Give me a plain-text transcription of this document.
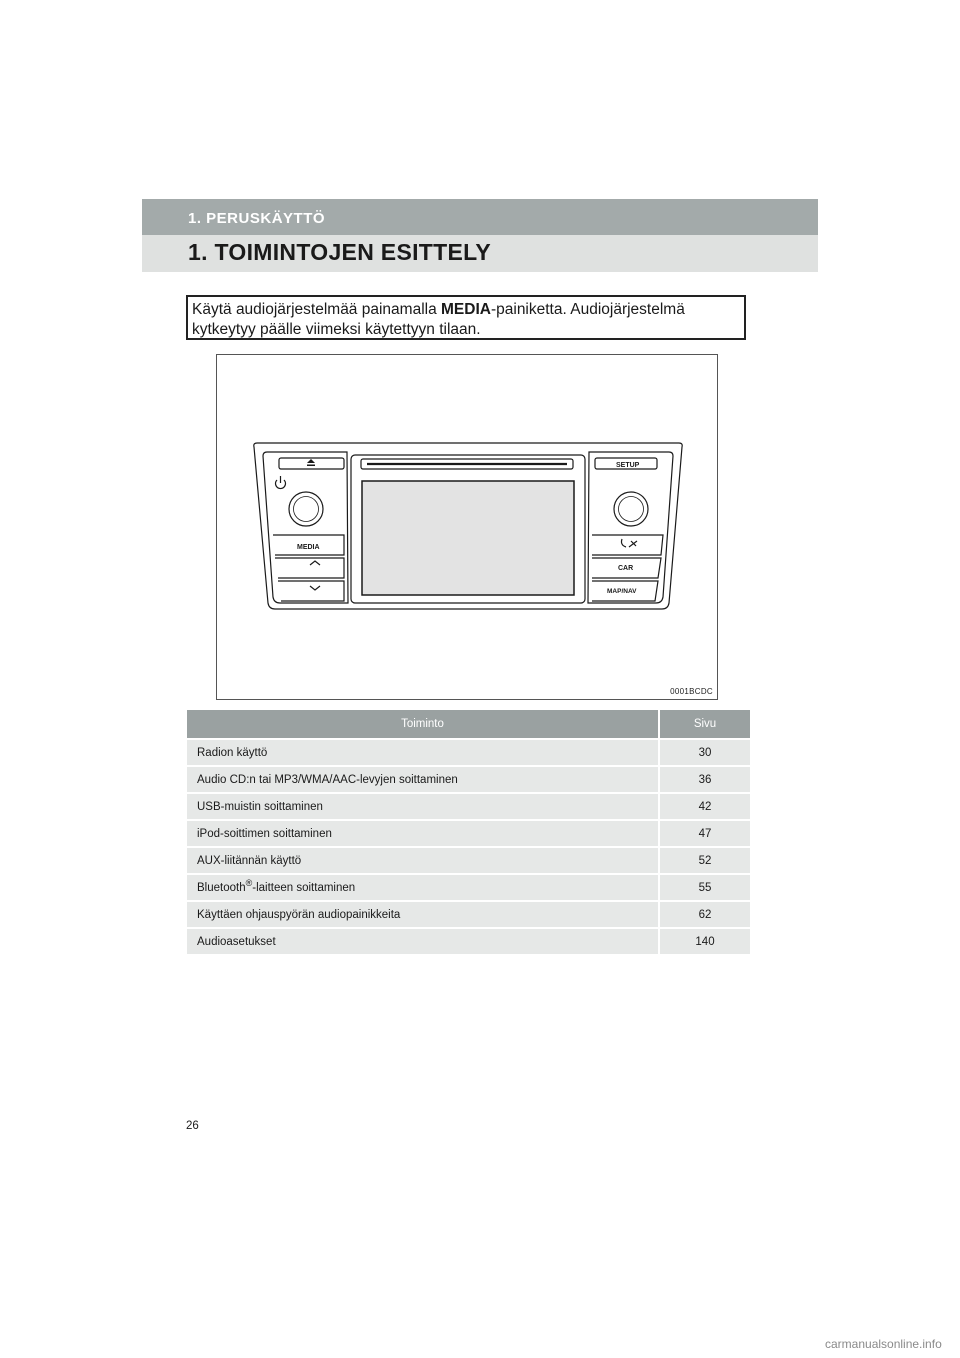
1. PERUSKÄYTTÖ
1. TOIMINTOJEN ESITTELY
Käytä audiojärjestelmää painamalla MEDIA-painiketta. Audiojärjestelmä kytkeytyy päälle viimeksi käytettyyn tilaan.
SETUP
MEDIA
CAR
MAP/NAV
0001BCDC
Toiminto	Sivu
Radion käyttö	30
Audio CD:n tai MP3/WMA/AAC-levyjen soittaminen	36
USB-muistin soittaminen	42
iPod-soittimen soittaminen	47
AUX-liitännän käyttö	52
Bluetooth®-laitteen soittaminen	55
Käyttäen ohjauspyörän audiopainikkeita	62
Audioasetukset	140
26
carmanualsonline.info
